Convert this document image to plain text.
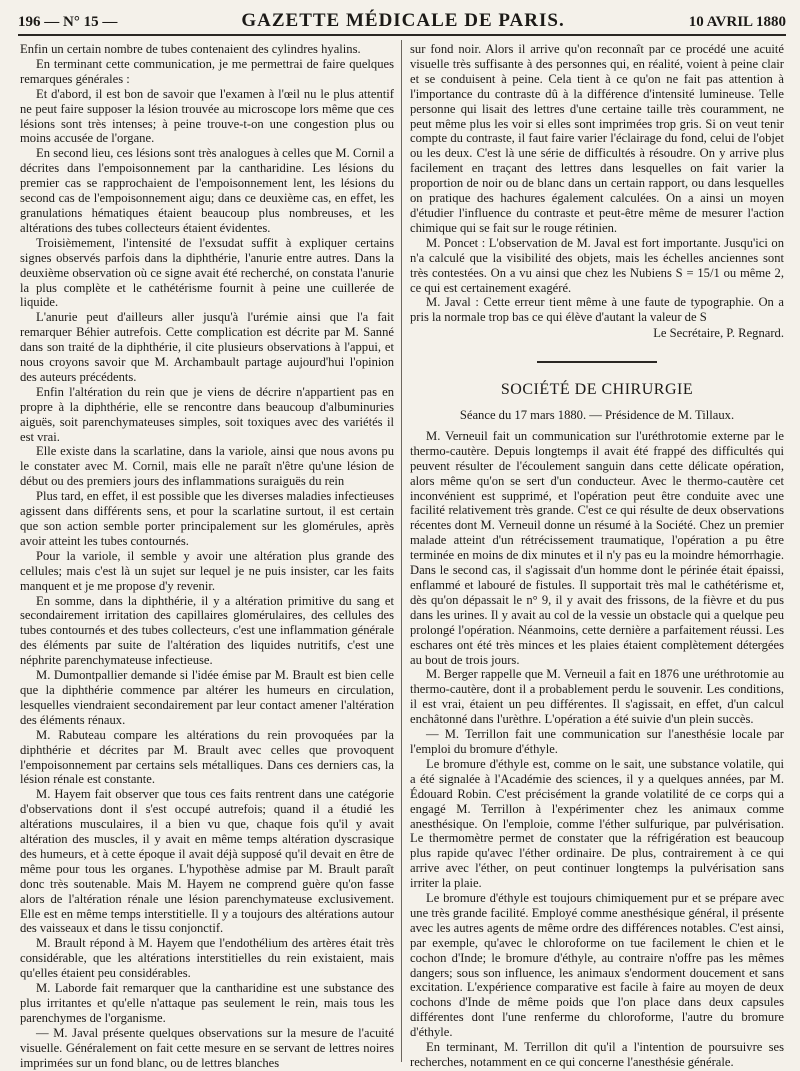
196 — N° 15 —	GAZETTE MÉDICALE DE PARIS.	10 AVRIL 1880

Enfin un certain nombre de tubes contenaient des cylindres hyalins.

En terminant cette communication, je me permettrai de faire quelques remarques générales :

Et d'abord, il est bon de savoir que l'examen à l'œil nu le plus attentif ne peut faire supposer la lésion trouvée au microscope lors même que ces lésions sont très intenses; à peine trouve-t-on une congestion plus ou moins accusée de l'organe.

En second lieu, ces lésions sont très analogues à celles que M. Cornil a décrites dans l'empoisonnement par la cantharidine. Les lésions du premier cas se rapprochaient de l'empoisonnement lent, les lésions du second cas de l'empoisonnement aigu; dans ce deuxième cas, en effet, les granulations hématiques étaient beaucoup plus nombreuses, et les altérations des tubes collecteurs étaient évidentes.

Troisièmement, l'intensité de l'exsudat suffit à expliquer certains signes observés parfois dans la diphthérie, l'anurie entre autres. Dans la deuxième observation où ce signe avait été recherché, on constata l'anurie la plus complète et le cathétérisme fournit à peine une cuillerée de liquide.

L'anurie peut d'ailleurs aller jusqu'à l'urémie ainsi que l'a fait remarquer Béhier autrefois. Cette complication est décrite par M. Sanné dans son traité de la diphthérie, il cite plusieurs observations à l'appui, et nous croyons savoir que M. Archambault partage aujourd'hui l'opinion des auteurs précédents.

Enfin l'altération du rein que je viens de décrire n'appartient pas en propre à la diphthérie, elle se rencontre dans beaucoup d'albuminuries aiguës, soit parenchymateuses simples, soit toxiques avec des variétés il est vrai.

Elle existe dans la scarlatine, dans la variole, ainsi que nous avons pu le constater avec M. Cornil, mais elle ne paraît n'être qu'une lésion de début ou des premiers jours des inflammations suraiguës du rein

Plus tard, en effet, il est possible que les diverses maladies infectieuses agissent dans différents sens, et pour la scarlatine surtout, il est certain que son action semble porter principalement sur les glomérules, après avoir atteint les tubes contournés.

Pour la variole, il semble y avoir une altération plus grande des cellules; mais c'est là un sujet sur lequel je ne puis insister, car les faits manquent et je me propose d'y revenir.

En somme, dans la diphthérie, il y a altération primitive du sang et secondairement irritation des capillaires glomérulaires, des cellules des tubes contournés et des tubes collecteurs, c'est une inflammation générale des éléments par suite de l'altération des liquides nutritifs, c'est une néphrite parenchymateuse infectieuse.

M. Dumontpallier demande si l'idée émise par M. Brault est bien celle que la diphthérie commence par altérer les humeurs en circulation, lesquelles viendraient secondairement par leur contact amener l'altération des éléments rénaux.

M. Rabuteau compare les altérations du rein provoquées par la diphthérie et décrites par M. Brault avec celles que provoquent l'empoisonnement par certains sels métalliques. Dans ces derniers cas, la lésion rénale est constante.

M. Hayem fait observer que tous ces faits rentrent dans une catégorie d'observations dont il s'est occupé autrefois; quand il a étudié les altérations musculaires, il a bien vu que, chaque fois qu'il y avait altération des muscles, il y avait en même temps altération dyscrasique des humeurs, et à cette époque il avait déjà supposé qu'il devait en être de même pour tous les organes. L'hypothèse admise par M. Brault paraît donc très soutenable. Mais M. Hayem ne comprend guère qu'on fasse alors de l'altération rénale une lésion parenchymateuse exclusivement. Elle est en même temps interstitielle. Il y a toujours des altérations autour des vaisseaux et dans le tissu conjonctif.

M. Brault répond à M. Hayem que l'endothélium des artères était très considérable, que les altérations interstitielles du rein existaient, mais qu'elles étaient peu considérables.

M. Laborde fait remarquer que la cantharidine est une substance des plus irritantes et qu'elle n'attaque pas seulement le rein, mais tous les parenchymes de l'organisme.

— M. Javal présente quelques observations sur la mesure de l'acuité visuelle. Généralement on fait cette mesure en se servant de lettres noires imprimées sur un fond blanc, ou de lettres blanches

sur fond noir. Alors il arrive qu'on reconnaît par ce procédé une acuité visuelle très suffisante à des personnes qui, en réalité, voient à peine clair et se conduisent à peine. Cela tient à ce qu'on ne fait pas attention à l'importance du contraste dû à la différence d'intensité lumineuse. Telle personne qui lisait des lettres d'une certaine taille très couramment, ne peut même plus les voir si elles sont imprimées trop gris. Si on veut tenir compte du contraste, il faut faire varier l'éclairage du fond, celui de l'objet ou les deux. C'est là une série de difficultés à résoudre. On y arrive plus facilement en traçant des lettres dans lesquelles on fait varier la proportion de noir ou de blanc dans un certain rapport, ou dans lesquelles on pratique des hachures également calculées. On a ainsi un moyen d'étudier l'influence du contraste et peut-être même de mesurer l'action chimique qui se fait sur le rouge rétinien.

M. Poncet : L'observation de M. Javal est fort importante. Jusqu'ici on n'a calculé que la visibilité des objets, mais les échelles anciennes sont très contestées. On a vu ainsi que chez les Nubiens S = 15/1 ou même 2, ce qui est certainement exagéré.

M. Javal : Cette erreur tient même à une faute de typographie. On a pris la normale trop bas ce qui élève d'autant la valeur de S

Le Secrétaire, P. Regnard.

SOCIÉTÉ DE CHIRURGIE

Séance du 17 mars 1880. — Présidence de M. Tillaux.

M. Verneuil fait un communication sur l'uréthrotomie externe par le thermo-cautère. Depuis longtemps il avait été frappé des difficultés qui peuvent résulter de l'écoulement sanguin dans cette délicate opération, alors même qu'on se sert d'un conducteur. Avec le thermo-cautère cet inconvénient est supprimé, et l'opération peut être conduite avec une facilité relativement très grande. C'est ce qui résulte de deux observations récentes dont M. Verneuil donne un résumé à la Société. Chez un premier malade atteint d'un rétrécissement traumatique, l'opération a pu être terminée en moins de dix minutes et il n'y pas eu la moindre hémorrhagie. Dans le second cas, il s'agissait d'un homme dont le périnée était épaissi, enflammé et labouré de fistules. Il supportait très mal le cathétérisme et, dès qu'on dépassait le n° 9, il y avait des frissons, de la fièvre et du pus dans les urines. Il y avait au col de la vessie un obstacle qui a quelque peu prolongé l'opération. Néanmoins, cette dernière a parfaitement réussi. Les eschares ont été très minces et les plaies étaient complètement détergées au bout de trois jours.

M. Berger rappelle que M. Verneuil a fait en 1876 une uréthrotomie au thermo-cautère, dont il a probablement perdu le souvenir. Les conditions, il est vrai, étaient un peu différentes. Il s'agissait, en effet, d'un calcul enchâtonné dans l'urèthre. L'opération a été suivie d'un plein succès.

— M. Terrillon fait une communication sur l'anesthésie locale par l'emploi du bromure d'éthyle.

Le bromure d'éthyle est, comme on le sait, une substance volatile, qui a été signalée à l'Académie des sciences, il y a quelques années, par M. Édouard Robin. C'est précisément la grande volatilité de ce corps qui a engagé M. Terrillon à l'expérimenter chez les animaux comme anesthésique. On l'emploie, comme l'éther sulfurique, par pulvérisation. Le thermomètre permet de constater que la réfrigération est beaucoup plus rapide qu'avec l'éther ordinaire. De plus, contrairement à ce qui arrive avec l'éther, on peut continuer longtemps la pulvérisation sans irriter la plaie.

Le bromure d'éthyle est toujours chimiquement pur et se prépare avec une très grande facilité. Employé comme anesthésique général, il présente avec les autres agents de même ordre des différences notables. C'est ainsi, par exemple, qu'avec le chloroforme on tue facilement le chien et le cochon d'Inde; le bromure d'éthyle, au contraire n'offre pas les mêmes dangers; sous son influence, les animaux s'endorment doucement et sans excitation. L'expérience comparative est facile à faire au moyen de deux cochons d'Inde de même poids que l'on place dans deux capsules différentes dont l'une renferme du chloroforme, l'autre du bromure d'éthyle.

En terminant, M. Terrillon dit qu'il a l'intention de poursuivre ses recherches, notamment en ce qui concerne l'anesthésie générale.
